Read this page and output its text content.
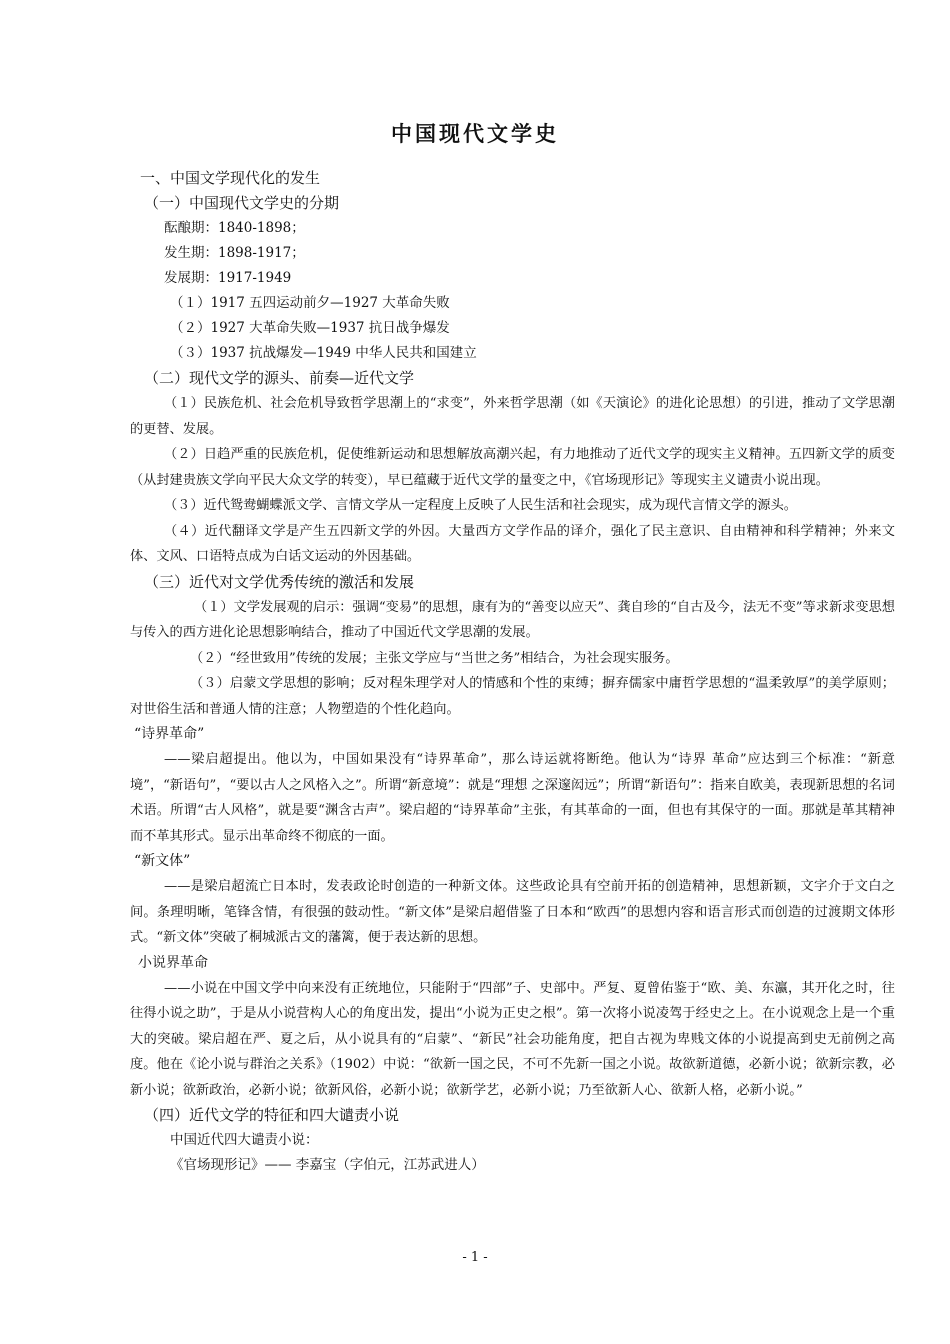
中国现代文学史

一、中国文学现代化的发生

（一）中国现代文学史的分期

酝酿期：1840-1898；

发生期：1898-1917；

发展期：1917-1949

（１）1917 五四运动前夕—1927 大革命失败

（２）1927 大革命失败—1937 抗日战争爆发

（３）1937 抗战爆发—1949 中华人民共和国建立

（二）现代文学的源头、前奏—近代文学

（１）民族危机、社会危机导致哲学思潮上的“求变”，外来哲学思潮（如《天演论》的进化论思想）的引进，推动了文学思潮的更替、发展。

（２）日趋严重的民族危机，促使维新运动和思想解放高潮兴起，有力地推动了近代文学的现实主义精神。五四新文学的质变（从封建贵族文学向平民大众文学的转变），早已蕴藏于近代文学的量变之中，《官场现形记》等现实主义谴责小说出现。

（３）近代鸳鸯蝴蝶派文学、言情文学从一定程度上反映了人民生活和社会现实，成为现代言情文学的源头。

（４）近代翻译文学是产生五四新文学的外因。大量西方文学作品的译介，强化了民主意识、自由精神和科学精神；外来文体、文风、口语特点成为白话文运动的外因基础。

（三）近代对文学优秀传统的激活和发展

（１）文学发展观的启示：强调“变易”的思想，康有为的“善变以应天”、龚自珍的“自古及今，法无不变”等求新求变思想与传入的西方进化论思想影响结合，推动了中国近代文学思潮的发展。

（２）“经世致用”传统的发展；主张文学应与“当世之务”相结合，为社会现实服务。

（３）启蒙文学思想的影响；反对程朱理学对人的情感和个性的束缚；摒弃儒家中庸哲学思想的“温柔敦厚”的美学原则；对世俗生活和普通人情的注意；人物塑造的个性化趋向。

“诗界革命”

——梁启超提出。他以为，中国如果没有“诗界革命”，那么诗运就将断绝。他认为“诗界 革命”应达到三个标准：“新意境”，“新语句”，“要以古人之风格入之”。所谓“新意境”：就是“理想 之深邃闳远”；所谓“新语句”：指来自欧美，表现新思想的名词术语。所谓“古人风格”，就是要“渊含古声”。梁启超的“诗界革命”主张，有其革命的一面，但也有其保守的一面。那就是革其精神而不革其形式。显示出革命终不彻底的一面。

“新文体”

——是梁启超流亡日本时，发表政论时创造的一种新文体。这些政论具有空前开拓的创造精神，思想新颖，文字介于文白之间。条理明晰，笔锋含情，有很强的鼓动性。“新文体”是梁启超借鉴了日本和“欧西”的思想内容和语言形式而创造的过渡期文体形式。“新文体”突破了桐城派古文的藩篱，便于表达新的思想。

小说界革命

——小说在中国文学中向来没有正统地位，只能附于“四部”子、史部中。严复、夏曾佑鉴于“欧、美、东瀛，其开化之时，往往得小说之助”，于是从小说营构人心的角度出发，提出“小说为正史之根”。第一次将小说凌驾于经史之上。在小说观念上是一个重大的突破。梁启超在严、夏之后，从小说具有的“启蒙”、“新民”社会功能角度，把自古视为卑贱文体的小说提高到史无前例之高度。他在《论小说与群治之关系》（1902）中说：“欲新一国之民，不可不先新一国之小说。故欲新道德，必新小说；欲新宗教，必新小说；欲新政治，必新小说；欲新风俗，必新小说；欲新学艺，必新小说；乃至欲新人心、欲新人格，必新小说。”

（四）近代文学的特征和四大谴责小说

中国近代四大谴责小说：

《官场现形记》—— 李嘉宝（字伯元，江苏武进人）

- 1 -
